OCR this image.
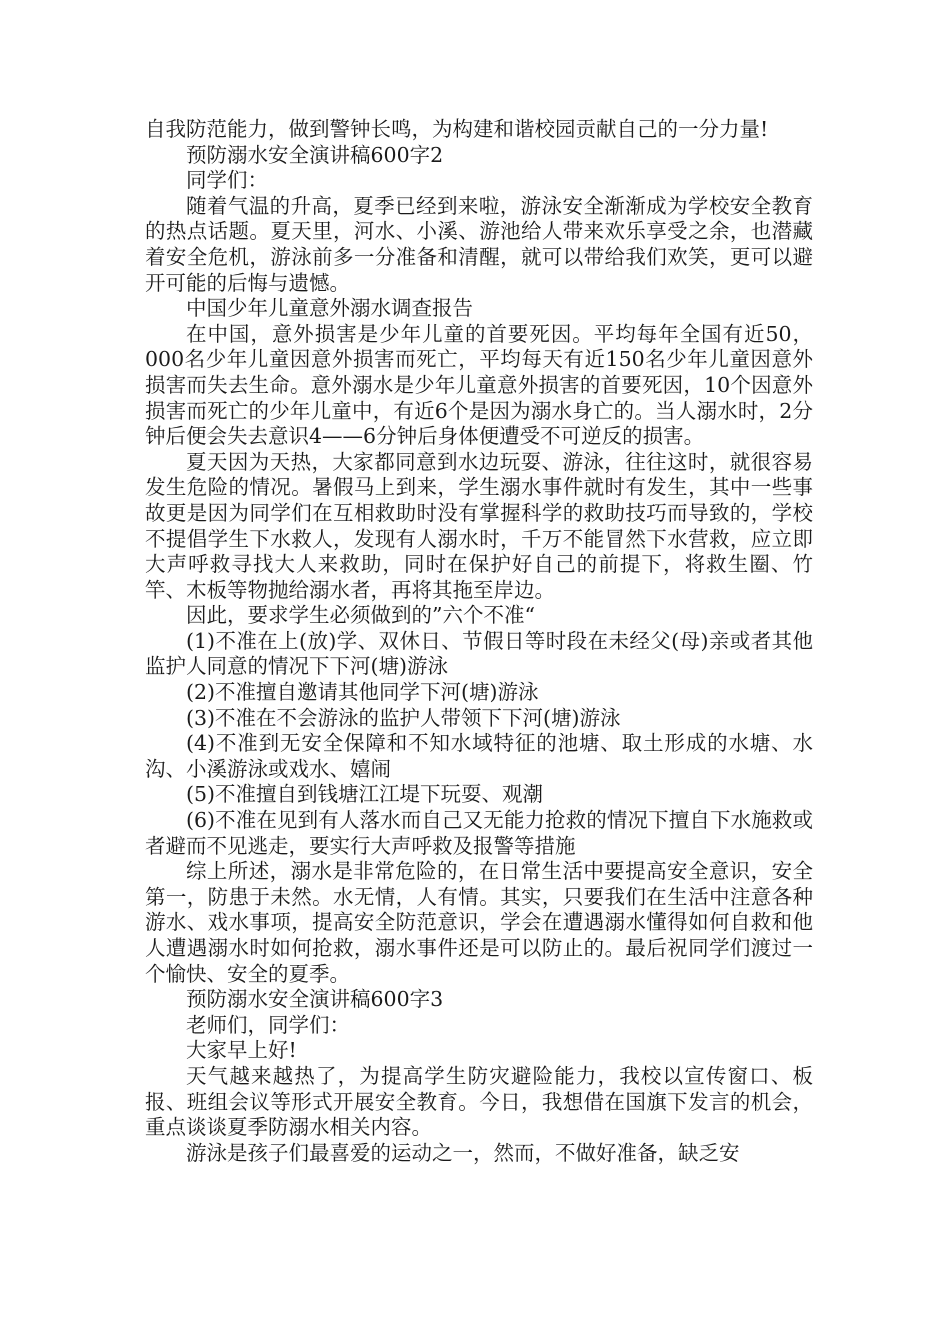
自我防范能力，做到警钟长鸣，为构建和谐校园贡献自己的一分力量!

预防溺水安全演讲稿600字2

同学们：

随着气温的升高，夏季已经到来啦，游泳安全渐渐成为学校安全教育的热点话题。夏天里，河水、小溪、游池给人带来欢乐享受之余，也潜藏着安全危机，游泳前多一分准备和清醒，就可以带给我们欢笑，更可以避开可能的后悔与遗憾。

中国少年儿童意外溺水调查报告

在中国，意外损害是少年儿童的首要死因。平均每年全国有近50，000名少年儿童因意外损害而死亡，平均每天有近150名少年儿童因意外损害而失去生命。意外溺水是少年儿童意外损害的首要死因，10个因意外损害而死亡的少年儿童中，有近6个是因为溺水身亡的。当人溺水时，2分钟后便会失去意识4——6分钟后身体便遭受不可逆反的损害。

夏天因为天热，大家都同意到水边玩耍、游泳，往往这时，就很容易发生危险的情况。暑假马上到来，学生溺水事件就时有发生，其中一些事故更是因为同学们在互相救助时没有掌握科学的救助技巧而导致的，学校不提倡学生下水救人，发现有人溺水时，千万不能冒然下水营救，应立即大声呼救寻找大人来救助，同时在保护好自己的前提下，将救生圈、竹竿、木板等物抛给溺水者，再将其拖至岸边。

因此，要求学生必须做到的”六个不准“

(1)不准在上(放)学、双休日、节假日等时段在未经父(母)亲或者其他监护人同意的情况下下河(塘)游泳

(2)不准擅自邀请其他同学下河(塘)游泳

(3)不准在不会游泳的监护人带领下下河(塘)游泳

(4)不准到无安全保障和不知水域特征的池塘、取土形成的水塘、水沟、小溪游泳或戏水、嬉闹

(5)不准擅自到钱塘江江堤下玩耍、观潮

(6)不准在见到有人落水而自己又无能力抢救的情况下擅自下水施救或者避而不见逃走，要实行大声呼救及报警等措施

综上所述，溺水是非常危险的，在日常生活中要提高安全意识，安全第一，防患于未然。水无情，人有情。其实，只要我们在生活中注意各种游水、戏水事项，提高安全防范意识，学会在遭遇溺水懂得如何自救和他人遭遇溺水时如何抢救，溺水事件还是可以防止的。最后祝同学们渡过一个愉快、安全的夏季。

预防溺水安全演讲稿600字3

老师们，同学们：

大家早上好!

天气越来越热了，为提高学生防灾避险能力，我校以宣传窗口、板报、班组会议等形式开展安全教育。今日，我想借在国旗下发言的机会，重点谈谈夏季防溺水相关内容。

游泳是孩子们最喜爱的运动之一，然而，不做好准备，缺乏安
